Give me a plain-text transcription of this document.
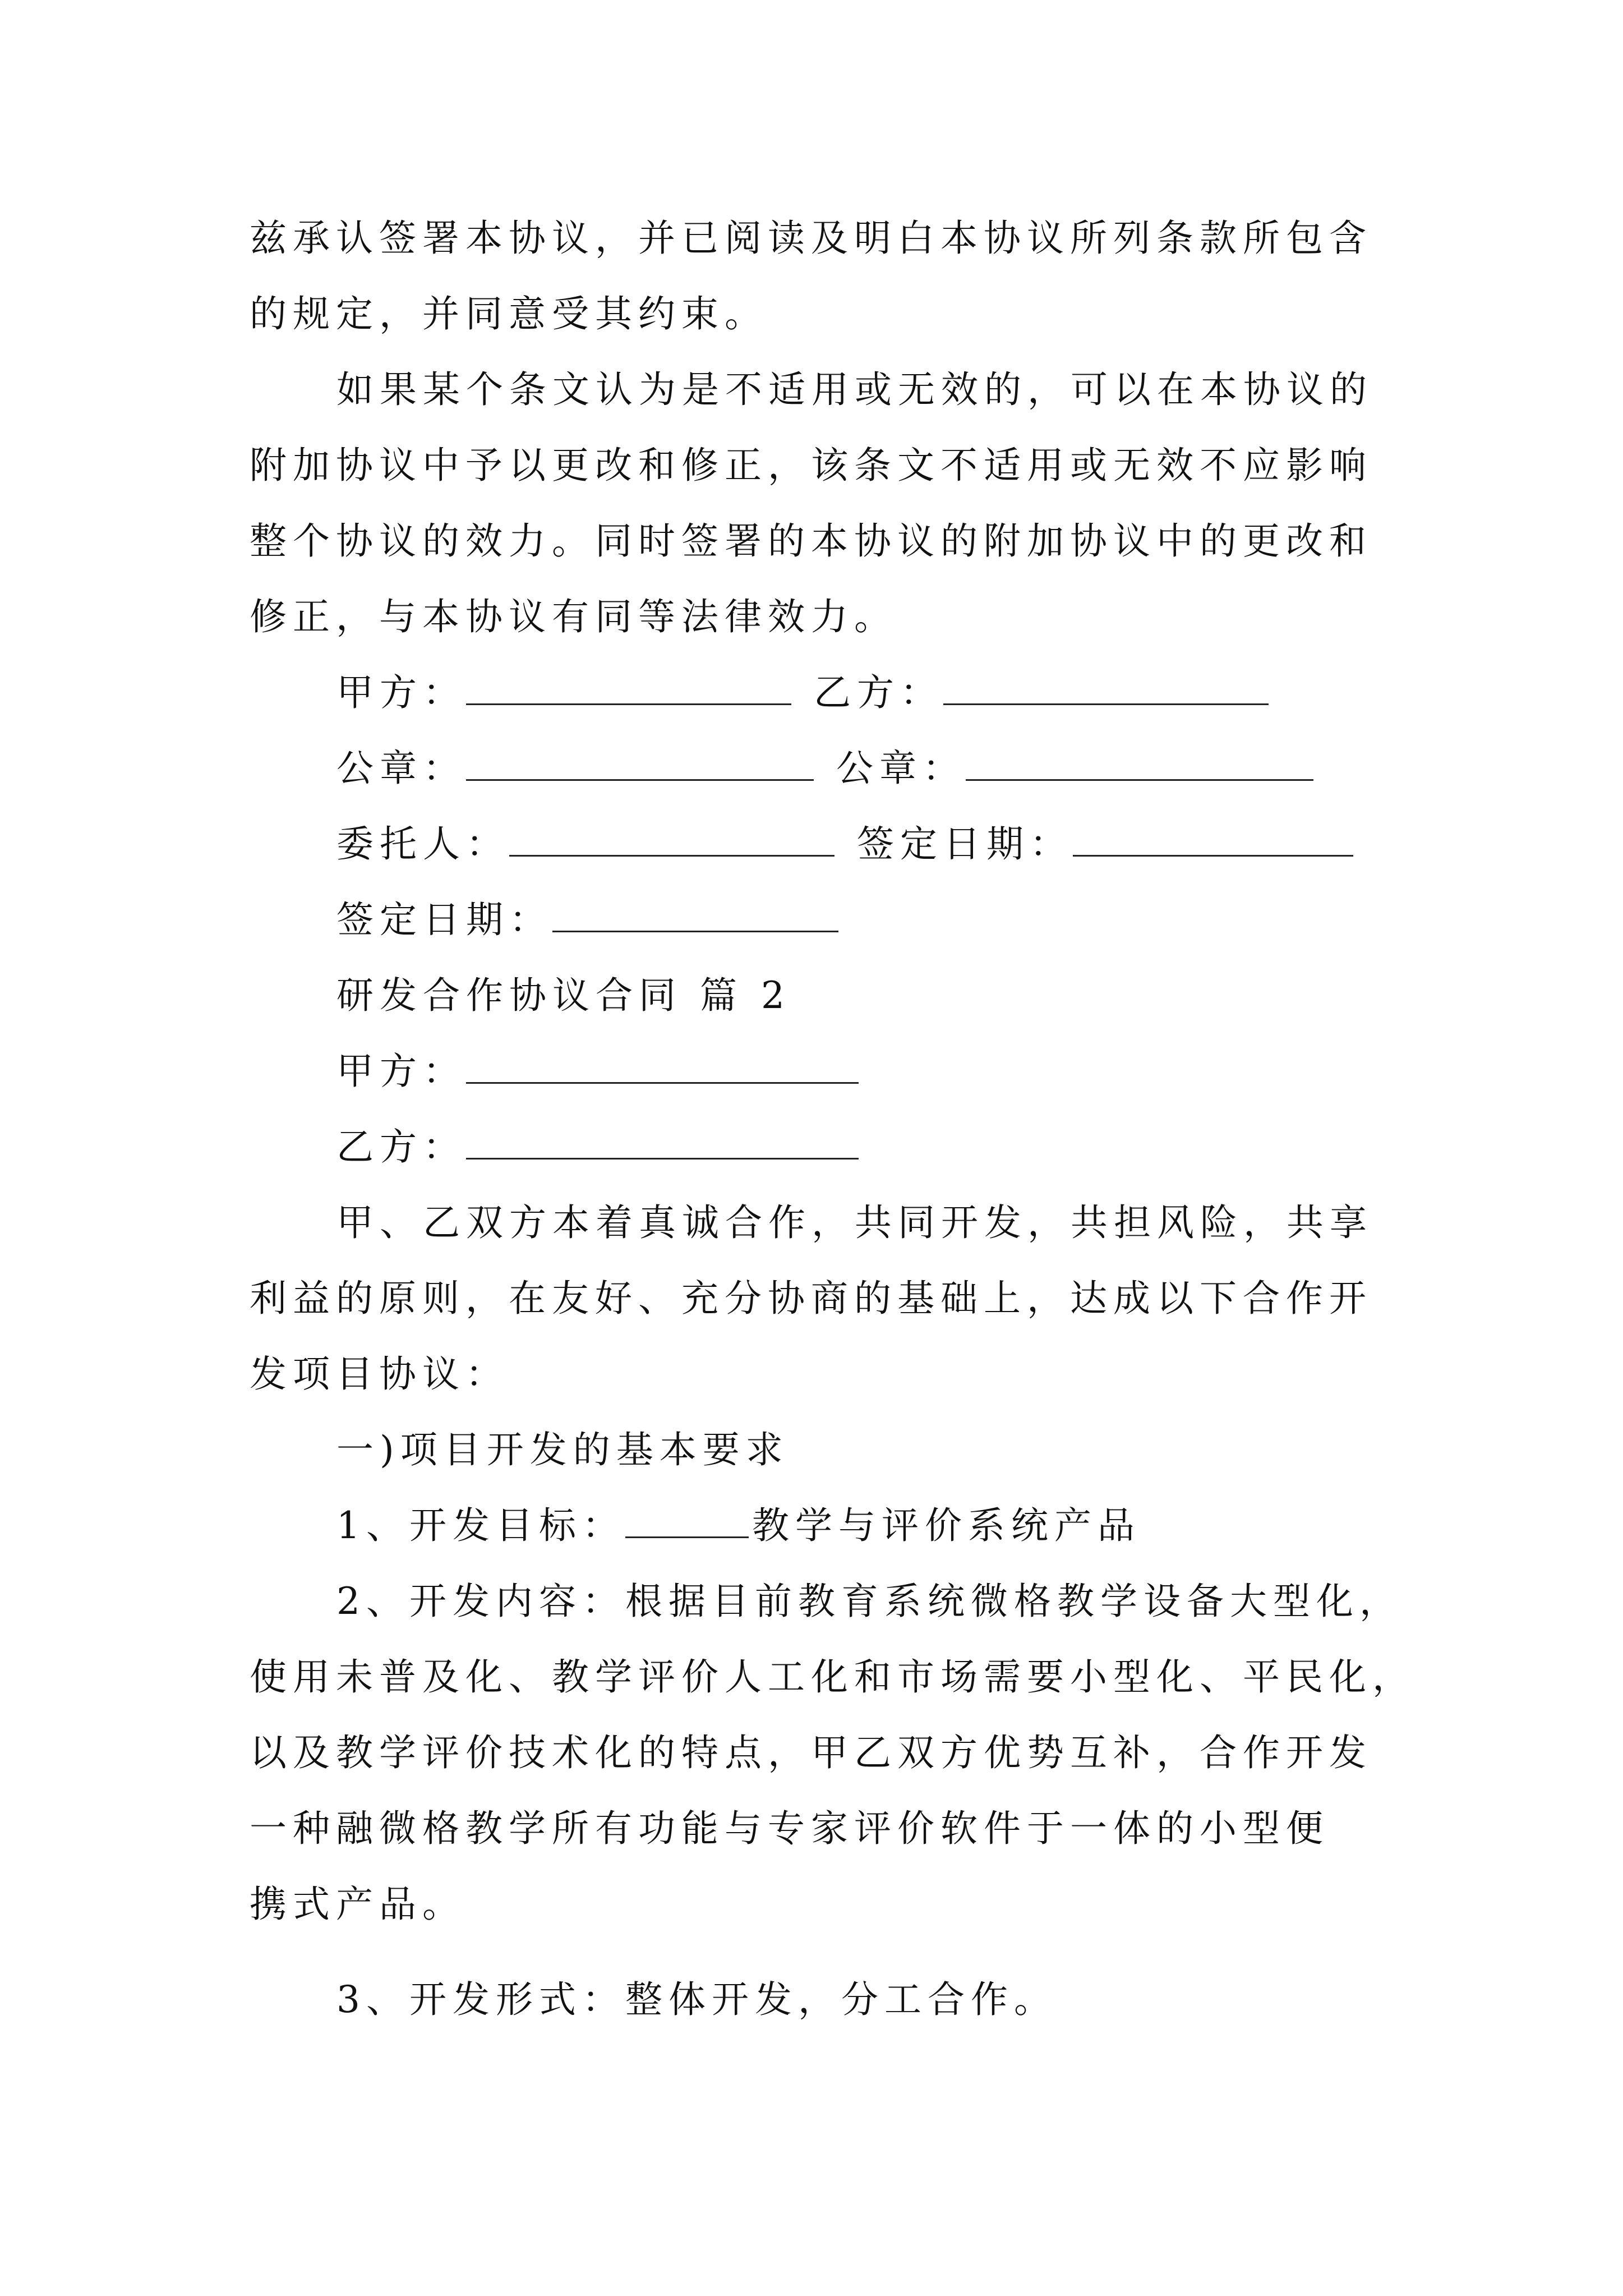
兹承认签署本协议，并已阅读及明白本协议所列条款所包含
的规定，并同意受其约束。
如果某个条文认为是不适用或无效的，可以在本协议的
附加协议中予以更改和修正，该条文不适用或无效不应影响
整个协议的效力。同时签署的本协议的附加协议中的更改和
修正，与本协议有同等法律效力。
甲方：	乙方：
公章：	公章：
委托人：	签定日期：
签定日期：
研发合作协议合同 篇 2
甲方：
乙方：
甲、乙双方本着真诚合作，共同开发，共担风险，共享
利益的原则，在友好、充分协商的基础上，达成以下合作开
发项目协议：
一)项目开发的基本要求
1、开发目标：	教学与评价系统产品
2、开发内容：根据目前教育系统微格教学设备大型化，
使用未普及化、教学评价人工化和市场需要小型化、平民化，
以及教学评价技术化的特点，甲乙双方优势互补，合作开发
一种融微格教学所有功能与专家评价软件于一体的小型便
携式产品。
3、开发形式：整体开发，分工合作。
